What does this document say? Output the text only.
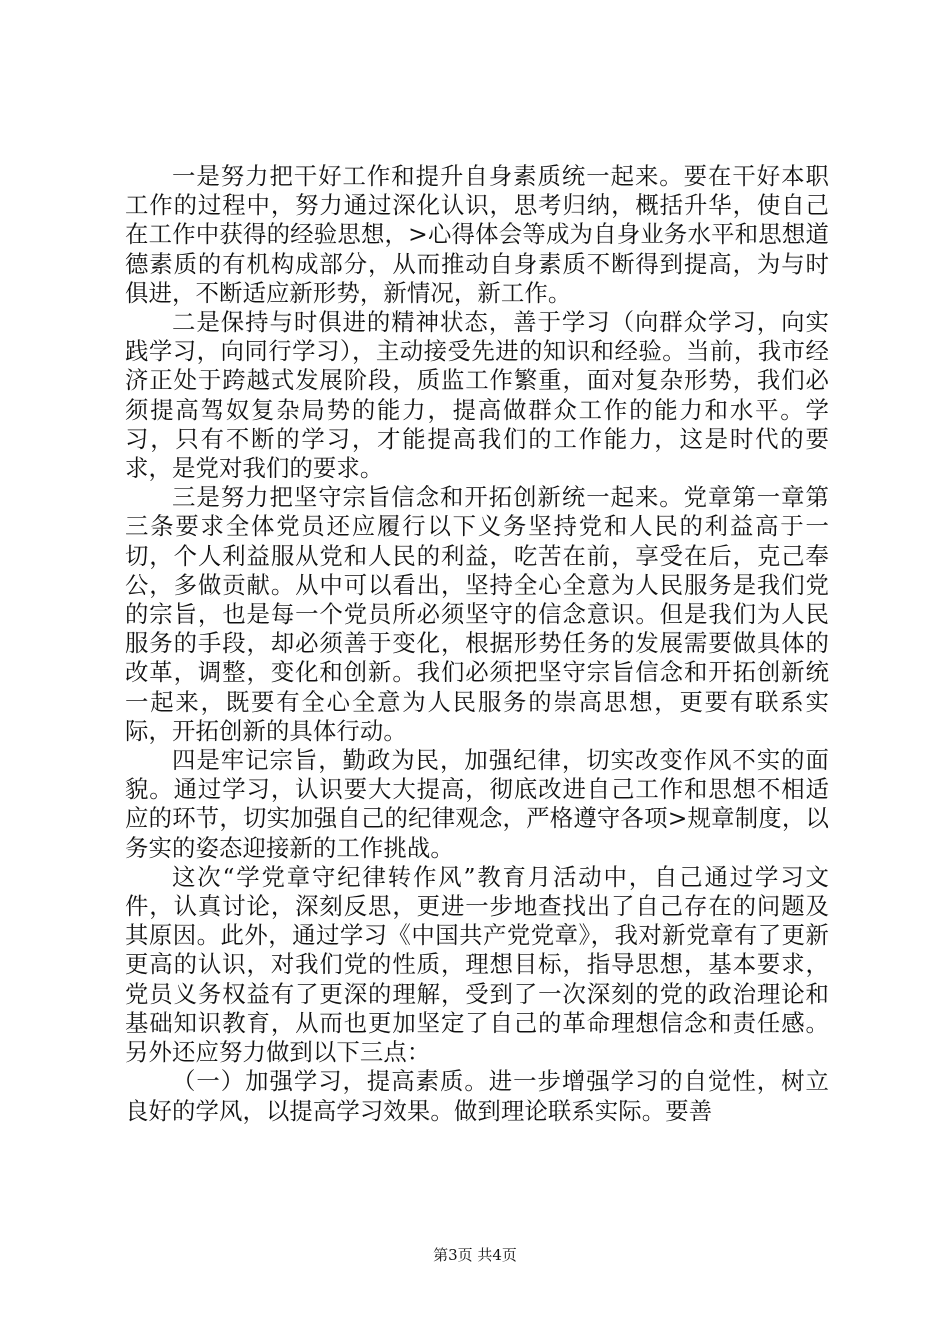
一是努力把干好工作和提升自身素质统一起来。要在干好本职工作的过程中，努力通过深化认识，思考归纳，概括升华，使自己在工作中获得的经验思想，>心得体会等成为自身业务水平和思想道德素质的有机构成部分，从而推动自身素质不断得到提高，为与时俱进，不断适应新形势，新情况，新工作。

二是保持与时俱进的精神状态，善于学习（向群众学习，向实践学习，向同行学习），主动接受先进的知识和经验。当前，我市经济正处于跨越式发展阶段，质监工作繁重，面对复杂形势，我们必须提高驾奴复杂局势的能力，提高做群众工作的能力和水平。学习，只有不断的学习，才能提高我们的工作能力，这是时代的要求，是党对我们的要求。

三是努力把坚守宗旨信念和开拓创新统一起来。党章第一章第三条要求全体党员还应履行以下义务坚持党和人民的利益高于一切，个人利益服从党和人民的利益，吃苦在前，享受在后，克己奉公，多做贡献。从中可以看出，坚持全心全意为人民服务是我们党的宗旨，也是每一个党员所必须坚守的信念意识。但是我们为人民服务的手段，却必须善于变化，根据形势任务的发展需要做具体的改革，调整，变化和创新。我们必须把坚守宗旨信念和开拓创新统一起来，既要有全心全意为人民服务的崇高思想，更要有联系实际，开拓创新的具体行动。

四是牢记宗旨，勤政为民，加强纪律，切实改变作风不实的面貌。通过学习，认识要大大提高，彻底改进自己工作和思想不相适应的环节，切实加强自己的纪律观念，严格遵守各项>规章制度，以务实的姿态迎接新的工作挑战。

这次“学党章守纪律转作风”教育月活动中，自己通过学习文件，认真讨论，深刻反思，更进一步地查找出了自己存在的问题及其原因。此外，通过学习《中国共产党党章》，我对新党章有了更新更高的认识，对我们党的性质，理想目标，指导思想，基本要求，党员义务权益有了更深的理解，受到了一次深刻的党的政治理论和基础知识教育，从而也更加坚定了自己的革命理想信念和责任感。另外还应努力做到以下三点：

（一）加强学习，提高素质。进一步增强学习的自觉性，树立良好的学风，以提高学习效果。做到理论联系实际。要善

第3页 共4页
